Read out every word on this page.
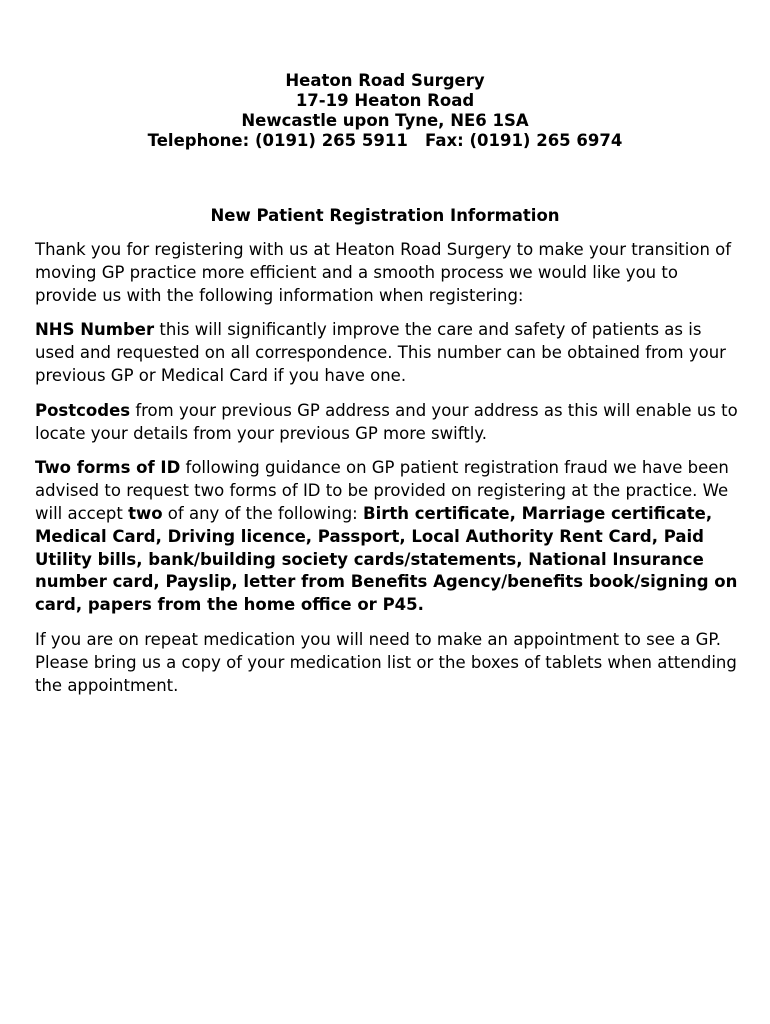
Heaton Road Surgery
17-19 Heaton Road
Newcastle upon Tyne, NE6 1SA
Telephone: (0191) 265 5911   Fax: (0191) 265 6974
New Patient Registration Information

Thank you for registering with us at Heaton Road Surgery to make your transition of moving GP practice more efficient and a smooth process we would like you to provide us with the following information when registering:

NHS Number this will significantly improve the care and safety of patients as is used and requested on all correspondence. This number can be obtained from your previous GP or Medical Card if you have one.

Postcodes from your previous GP address and your address as this will enable us to locate your details from your previous GP more swiftly.

Two forms of ID following guidance on GP patient registration fraud we have been advised to request two forms of ID to be provided on registering at the practice. We will accept two of any of the following: Birth certificate, Marriage certificate, Medical Card, Driving licence, Passport, Local Authority Rent Card, Paid Utility bills, bank/building society cards/statements, National Insurance number card, Payslip, letter from Benefits Agency/benefits book/signing on card, papers from the home office or P45.

If you are on repeat medication you will need to make an appointment to see a GP. Please bring us a copy of your medication list or the boxes of tablets when attending the appointment.
